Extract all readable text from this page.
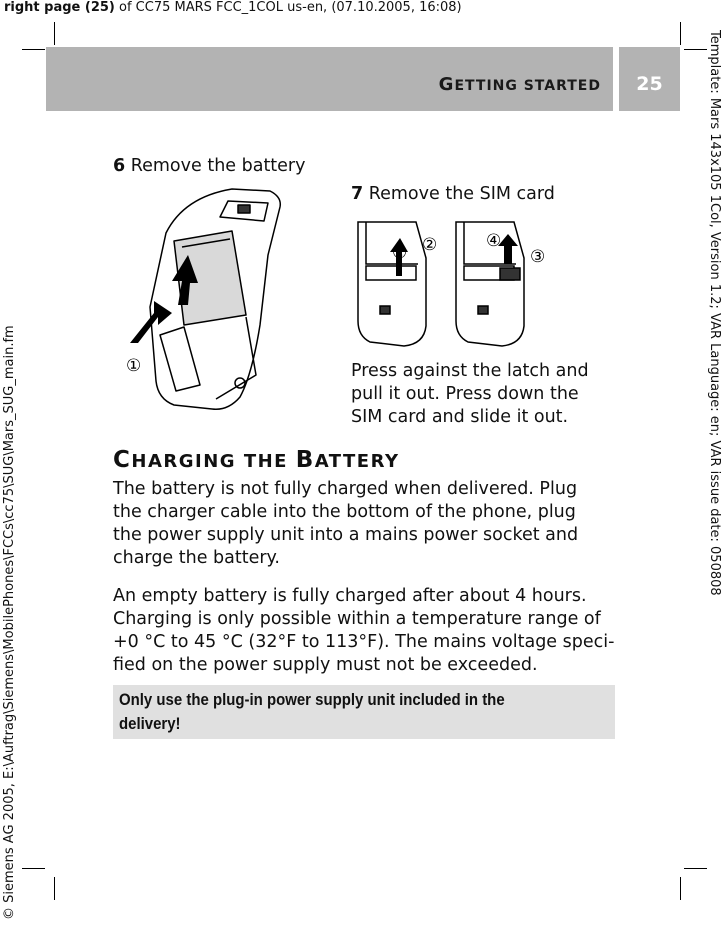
right page (25) of CC75 MARS FCC_1COL us-en, (07.10.2005, 16:08)
GETTING STARTED	25	Template: Mars 143x105 1Col, Version 1.2; VAR Language: en; VAR issue date: 050808
© Siemens AG 2005, E:\Auftrag\Siemens\MobilePhones\FCCs\cc75\SUG\Mars_SUG_main.fm
6 Remove the battery
②
①
7 Remove the SIM card
① ②
③
④
Press against the latch and
pull it out. Press down the
SIM card and slide it out.
CHARGING THE BATTERY
The battery is not fully charged when delivered. Plug
the charger cable into the bottom of the phone, plug
the power supply unit into a mains power socket and
charge the battery.
An empty battery is fully charged after about 4 hours.
Charging is only possible within a temperature range of
+0 °C to 45 °C (32°F to 113°F). The mains voltage speci-
fied on the power supply must not be exceeded.
Only use the plug-in power supply unit included in the
delivery!
